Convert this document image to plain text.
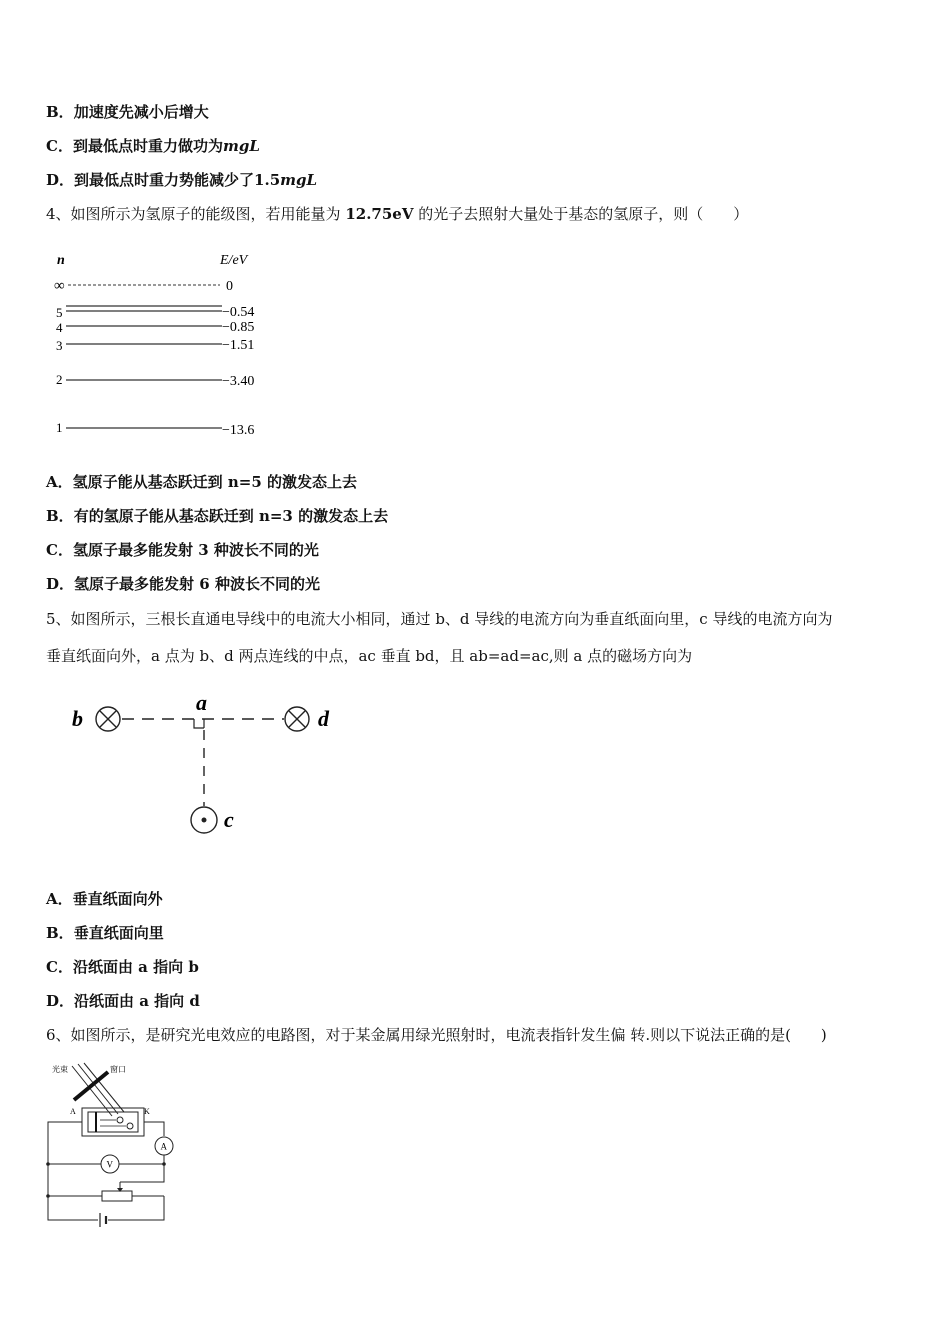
B．加速度先减小后增大
C．到最低点时重力做功为mgL
D．到最低点时重力势能减少了1.5mgL
4、如图所示为氢原子的能级图，若用能量为 12.75eV 的光子去照射大量处于基态的氢原子，则（　　）
n	E/eV
∞	0
5	−0.54
4	−0.85
3	−1.51
2	−3.40
1	−13.6
A．氢原子能从基态跃迁到 n=5 的激发态上去
B．有的氢原子能从基态跃迁到 n=3 的激发态上去
C．氢原子最多能发射 3 种波长不同的光
D．氢原子最多能发射 6 种波长不同的光
5、如图所示，三根长直通电导线中的电流大小相同，通过 b、d 导线的电流方向为垂直纸面向里，c 导线的电流方向为
垂直纸面向外，a 点为 b、d 两点连线的中点，ac 垂直 bd，且 ab=ad=ac,则 a 点的磁场方向为
b
a
d
c
A．垂直纸面向外
B．垂直纸面向里
C．沿纸面由 a 指向 b
D．沿纸面由 a 指向 d
6、如图所示，是研究光电效应的电路图，对于某金属用绿光照射时，电流表指针发生偏 转.则以下说法正确的是(　　)
光束	窗口
A	K
A
V
